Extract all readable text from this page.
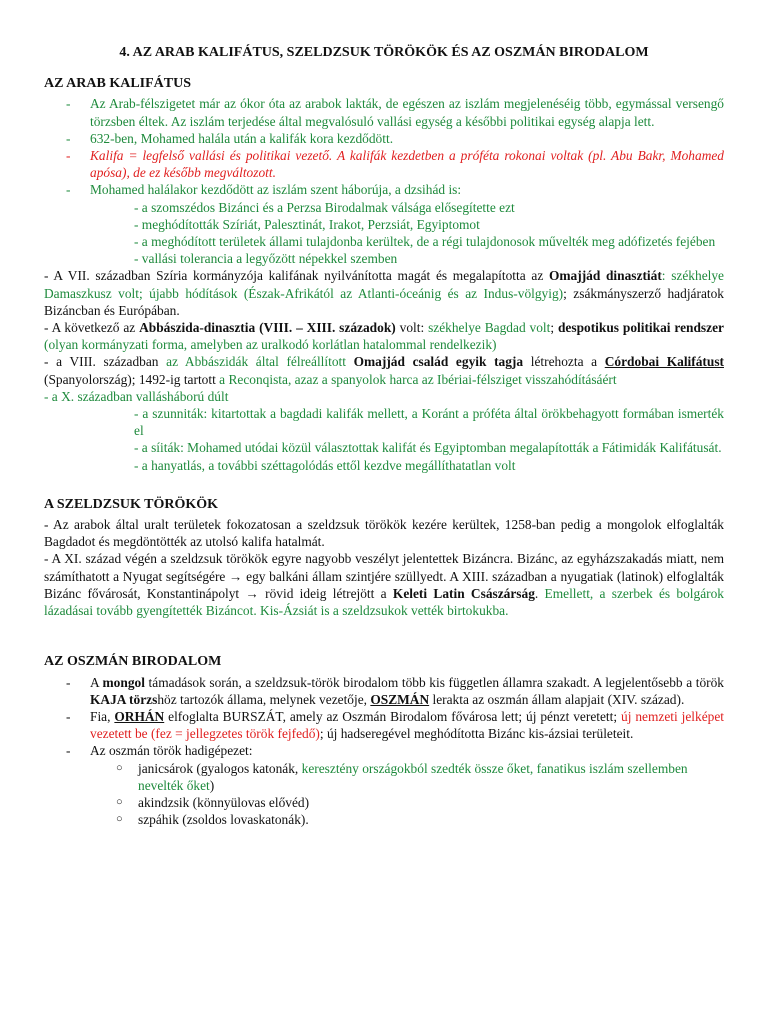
4. AZ ARAB KALIFÁTUS, SZELDZSUK TÖRÖKÖK ÉS AZ OSZMÁN BIRODALOM
AZ ARAB KALIFÁTUS
-	Az Arab-félszigetet már az ókor óta az arabok lakták, de egészen az iszlám megjelenéséig több, egymással versengő törzsben éltek. Az iszlám terjedése által megvalósuló vallási egység a későbbi politikai egység alapja lett.
-	632-ben, Mohamed halála után a kalifák kora kezdődött.
-	Kalifa = legfelső vallási és politikai vezető. A kalifák kezdetben a próféta rokonai voltak (pl. Abu Bakr, Mohamed apósa), de ez később megváltozott.
-	Mohamed halálakor kezdődött az iszlám szent háborúja, a dzsihád is:
- a szomszédos Bizánci és a Perzsa Birodalmak válsága elősegítette ezt
- meghódították Szíriát, Palesztinát, Irakot, Perzsiát, Egyiptomot
- a meghódított területek állami tulajdonba kerültek, de a régi tulajdonosok művelték meg adófizetés fejében
- vallási tolerancia a legyőzött népekkel szemben
- A VII. században Szíria kormányzója kalifának nyilvánította magát és megalapította az Omajjád dinasztiát: székhelye Damaszkusz volt; újabb hódítások (Észak-Afrikától az Atlanti-óceánig és az Indus-völgyig); zsákmányszerző hadjáratok Bizáncban és Európában.
- A következő az Abbászida-dinasztia (VIII. – XIII. századok) volt: székhelye Bagdad volt; despotikus politikai rendszer (olyan kormányzati forma, amelyben az uralkodó korlátlan hatalommal rendelkezik)
- a VIII. században az Abbászidák által félreállított Omajjád család egyik tagja létrehozta a Córdobai Kalifátust (Spanyolország); 1492-ig tartott a Reconqista, azaz a spanyolok harca az Ibériai-félsziget visszahódításáért
- a X. században vallásháború dúlt
- a szunniták: kitartottak a bagdadi kalifák mellett, a Koránt a próféta által örökbehagyott formában ismerték el
- a síiták: Mohamed utódai közül választottak kalifát és Egyiptomban megalapították a Fátimidák Kalifátusát.
- a hanyatlás, a további széttagolódás ettől kezdve megállíthatatlan volt
A SZELDZSUK TÖRÖKÖK
- Az arabok által uralt területek fokozatosan a szeldzsuk törökök kezére kerültek, 1258-ban pedig a mongolok elfoglalták Bagdadot és megdöntötték az utolsó kalifa hatalmát.
- A XI. század végén a szeldzsuk törökök egyre nagyobb veszélyt jelentettek Bizáncra. Bizánc, az egyházszakadás miatt, nem számíthatott a Nyugat segítségére → egy balkáni állam szintjére szüllyedt. A XIII. században a nyugatiak (latinok) elfoglalták Bizánc fővárosát, Konstantinápolyt → rövid ideig létrejött a Keleti Latin Császárság. Emellett, a szerbek és bolgárok lázadásai tovább gyengítették Bizáncot. Kis-Ázsiát is a szeldzsukok vették birtokukba.
AZ OSZMÁN BIRODALOM
-	A mongol támadások során, a szeldzsuk-török birodalom több kis független államra szakadt. A legjelentősebb a török KAJA törzshöz tartozók állama, melynek vezetője, OSZMÁN lerakta az oszmán állam alapjait (XIV. század).
-	Fia, ORHÁN elfoglalta BURSZÁT, amely az Oszmán Birodalom fővárosa lett; új pénzt veretett; új nemzeti jelképet vezetett be (fez = jellegzetes török fejfedő); új hadseregével meghódította Bizánc kis-ázsiai területeit.
-	Az oszmán török hadigépezet:
○	janicsárok (gyalogos katonák, keresztény országokból szedték össze őket, fanatikus iszlám szellemben nevelték őket)
○	akindzsik (könnyülovas elővéd)
○	szpáhik (zsoldos lovaskatonák).
